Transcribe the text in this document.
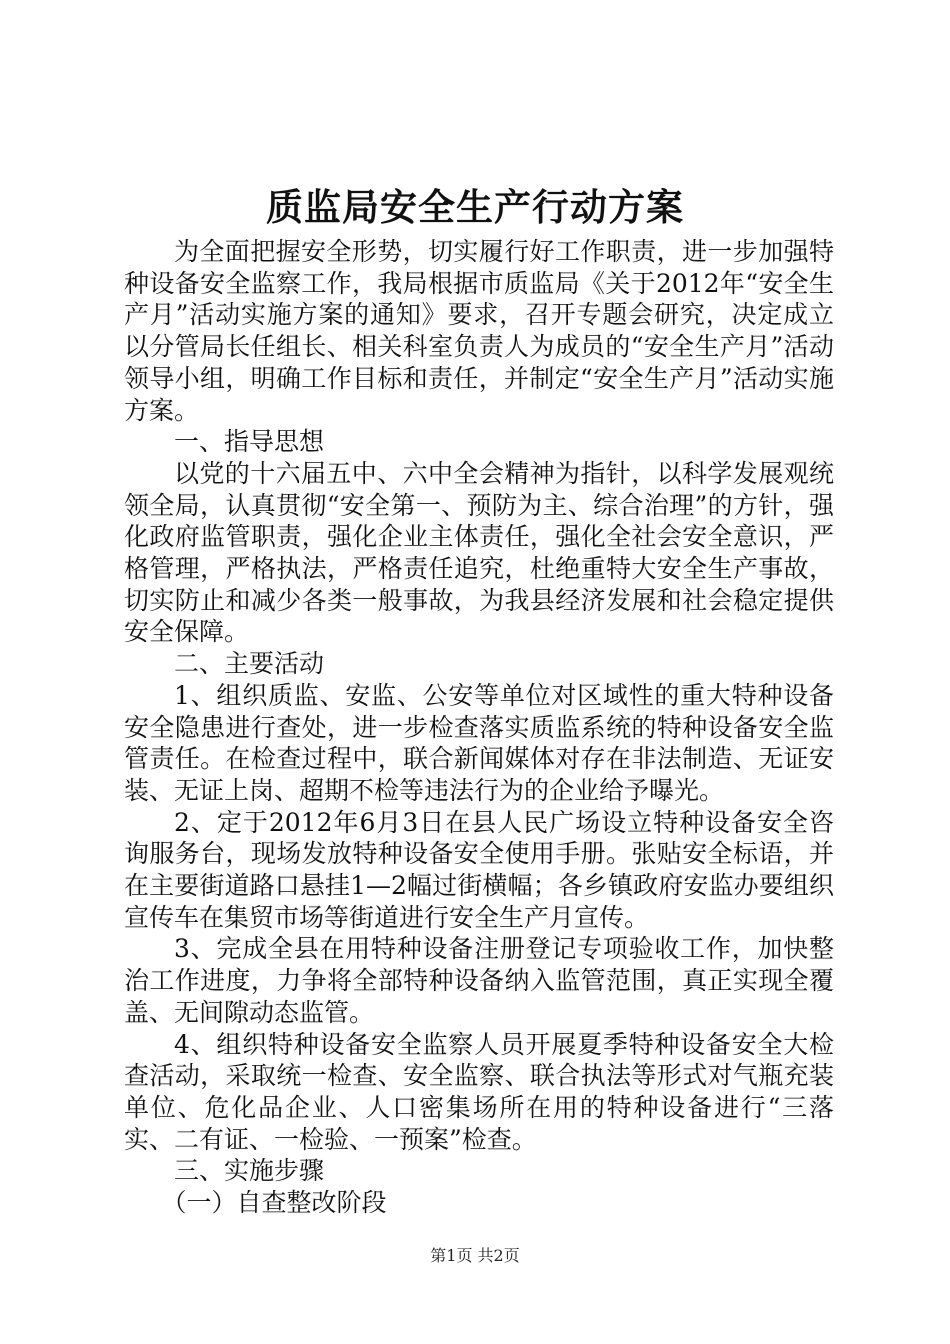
质监局安全生产行动方案

为全面把握安全形势，切实履行好工作职责，进一步加强特种设备安全监察工作，我局根据市质监局《关于2012年“安全生产月”活动实施方案的通知》要求，召开专题会研究，决定成立以分管局长任组长、相关科室负责人为成员的“安全生产月”活动领导小组，明确工作目标和责任，并制定“安全生产月”活动实施方案。

一、指导思想

以党的十六届五中、六中全会精神为指针，以科学发展观统领全局，认真贯彻“安全第一、预防为主、综合治理”的方针，强化政府监管职责，强化企业主体责任，强化全社会安全意识，严格管理，严格执法，严格责任追究，杜绝重特大安全生产事故，切实防止和减少各类一般事故，为我县经济发展和社会稳定提供安全保障。

二、主要活动

1、组织质监、安监、公安等单位对区域性的重大特种设备安全隐患进行查处，进一步检查落实质监系统的特种设备安全监管责任。在检查过程中，联合新闻媒体对存在非法制造、无证安装、无证上岗、超期不检等违法行为的企业给予曝光。

2、定于2012年6月3日在县人民广场设立特种设备安全咨询服务台，现场发放特种设备安全使用手册。张贴安全标语，并在主要街道路口悬挂1—2幅过街横幅；各乡镇政府安监办要组织宣传车在集贸市场等街道进行安全生产月宣传。

3、完成全县在用特种设备注册登记专项验收工作，加快整治工作进度，力争将全部特种设备纳入监管范围，真正实现全覆盖、无间隙动态监管。

4、组织特种设备安全监察人员开展夏季特种设备安全大检查活动，采取统一检查、安全监察、联合执法等形式对气瓶充装单位、危化品企业、人口密集场所在用的特种设备进行“三落实、二有证、一检验、一预案”检查。

三、实施步骤

（一）自查整改阶段

第1页 共2页
